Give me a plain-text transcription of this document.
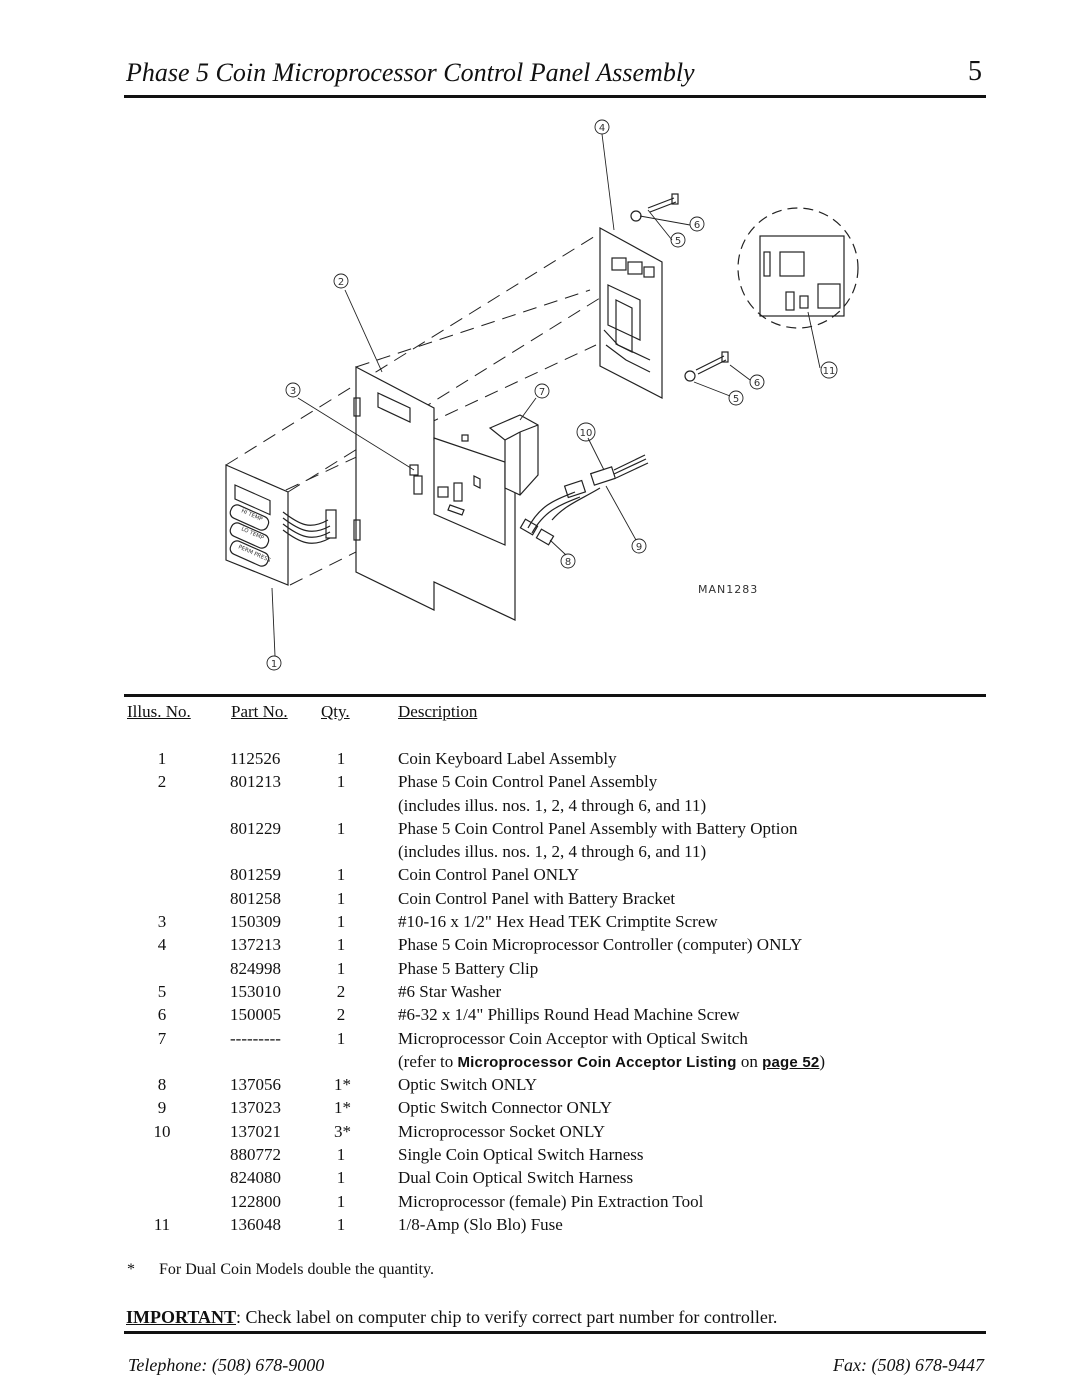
Phase 5 Coin Microprocessor Control Panel Assembly	5
4
2
3
6
5
6
5
7
10
9
8
11
1
HI TEMP
LO TEMP
PERM PRESS
MAN1283
Illus. No. Part No. Qty.	Description
1	112526	1	Coin Keyboard Label Assembly
2	801213	1	Phase 5 Coin Control Panel Assembly
(includes illus. nos. 1, 2, 4 through 6, and 11)
801229	1	Phase 5 Coin Control Panel Assembly with Battery Option
(includes illus. nos. 1, 2, 4 through 6, and 11)
801259	1	Coin Control Panel ONLY
801258	1	Coin Control Panel with Battery Bracket
3	150309	1	#10-16 x 1/2" Hex Head TEK Crimptite Screw
4	137213	1	Phase 5 Coin Microprocessor Controller (computer) ONLY
824998	1	Phase 5 Battery Clip
5	153010	2	#6 Star Washer
6	150005	2	#6-32 x 1/4" Phillips Round Head Machine Screw
7	---------	1	Microprocessor Coin Acceptor with Optical Switch
(refer to Microprocessor Coin Acceptor Listing on page 52)
8	137056	1*	Optic Switch ONLY
9	137023	1*	Optic Switch Connector ONLY
10	137021	3*	Microprocessor Socket ONLY
880772	1	Single Coin Optical Switch Harness
824080	1	Dual Coin Optical Switch Harness
122800	1	Microprocessor (female) Pin Extraction Tool
11	136048	1	1/8-Amp (Slo Blo) Fuse
* For Dual Coin Models double the quantity.
IMPORTANT: Check label on computer chip to verify correct part number for controller.
Telephone: (508) 678-9000	Fax: (508) 678-9447
